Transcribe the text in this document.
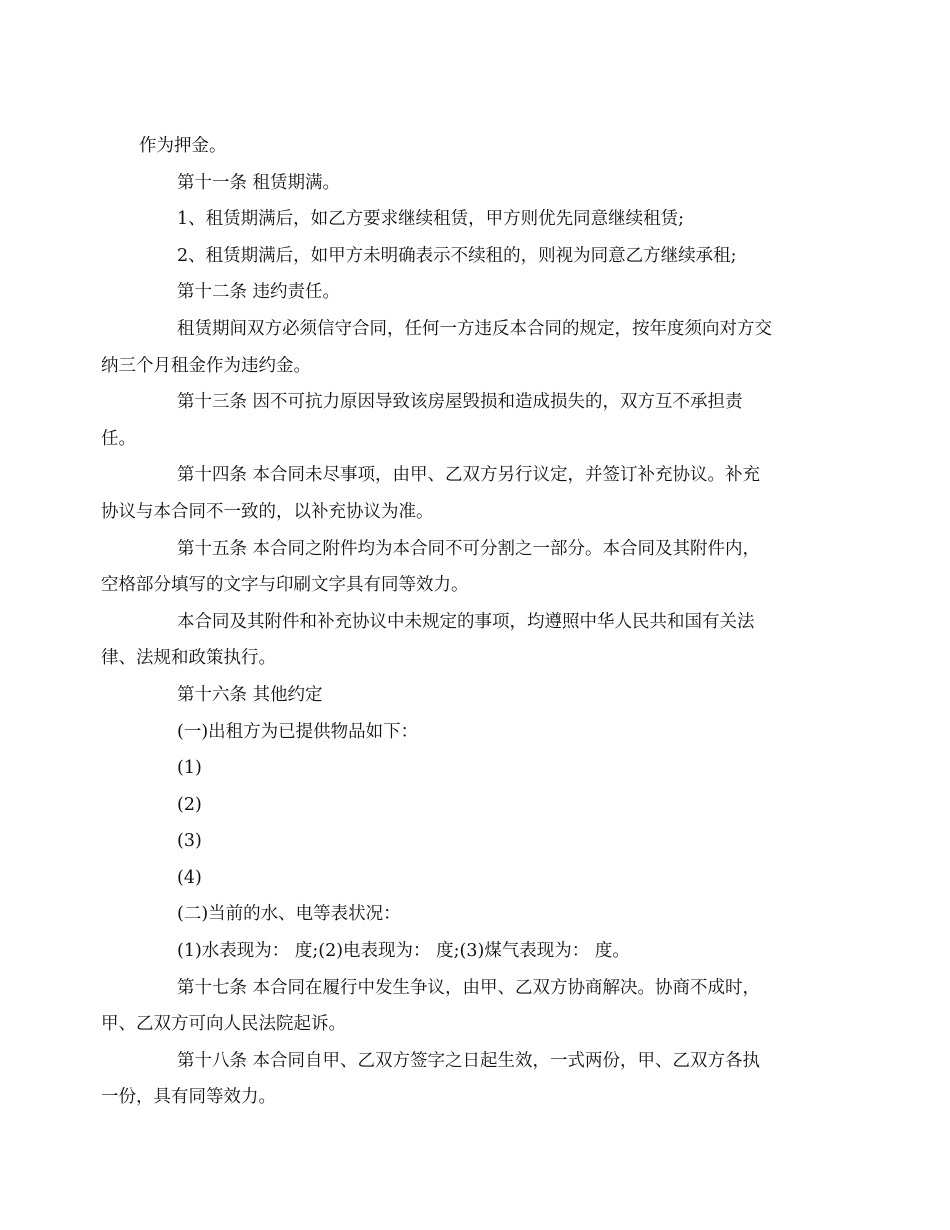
作为押金。
第十一条 租赁期满。
1、租赁期满后，如乙方要求继续租赁，甲方则优先同意继续租赁;
2、租赁期满后，如甲方未明确表示不续租的，则视为同意乙方继续承租;
第十二条 违约责任。
租赁期间双方必须信守合同，任何一方违反本合同的规定，按年度须向对方交
纳三个月租金作为违约金。
第十三条 因不可抗力原因导致该房屋毁损和造成损失的，双方互不承担责
任。
第十四条 本合同未尽事项，由甲、乙双方另行议定，并签订补充协议。补充
协议与本合同不一致的，以补充协议为准。
第十五条 本合同之附件均为本合同不可分割之一部分。本合同及其附件内，
空格部分填写的文字与印刷文字具有同等效力。
本合同及其附件和补充协议中未规定的事项，均遵照中华人民共和国有关法
律、法规和政策执行。
第十六条 其他约定
(一)出租方为已提供物品如下：
(1)
(2)
(3)
(4)
(二)当前的水、电等表状况：
(1)水表现为： 度;(2)电表现为： 度;(3)煤气表现为： 度。
第十七条 本合同在履行中发生争议，由甲、乙双方协商解决。协商不成时，
甲、乙双方可向人民法院起诉。
第十八条 本合同自甲、乙双方签字之日起生效，一式两份，甲、乙双方各执
一份，具有同等效力。
